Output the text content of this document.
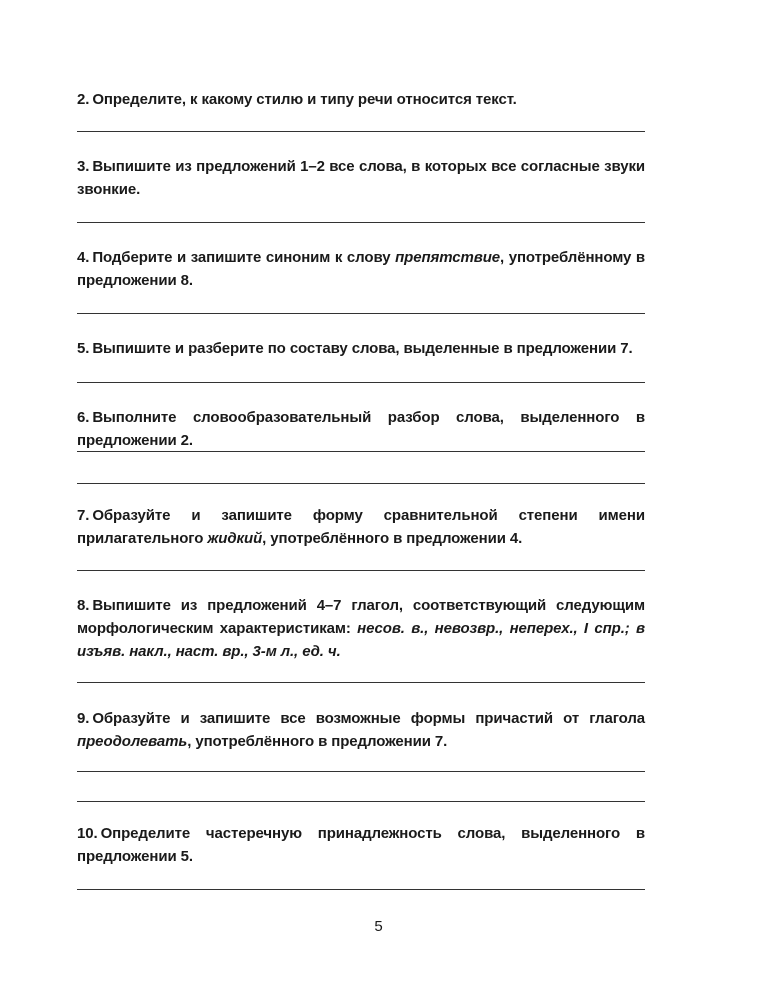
2. Определите, к какому стилю и типу речи относится текст.
3. Выпишите из предложений 1–2 все слова, в которых все согласные звуки звонкие.
4. Подберите и запишите синоним к слову препятствие, употреблённому в предложении 8.
5. Выпишите и разберите по составу слова, выделенные в предложении 7.
6. Выполните словообразовательный разбор слова, выделенного в предложении 2.
7. Образуйте и запишите форму сравнительной степени имени прилагательного жидкий, употреблённого в предложении 4.
8. Выпишите из предложений 4–7 глагол, соответствующий следующим морфологическим характеристикам: несов. в., невозвр., неперех., I спр.; в изъяв. накл., наст. вр., 3-м л., ед. ч.
9. Образуйте и запишите все возможные формы причастий от глагола преодолевать, употреблённого в предложении 7.
10. Определите частеречную принадлежность слова, выделенного в предложении 5.
5
